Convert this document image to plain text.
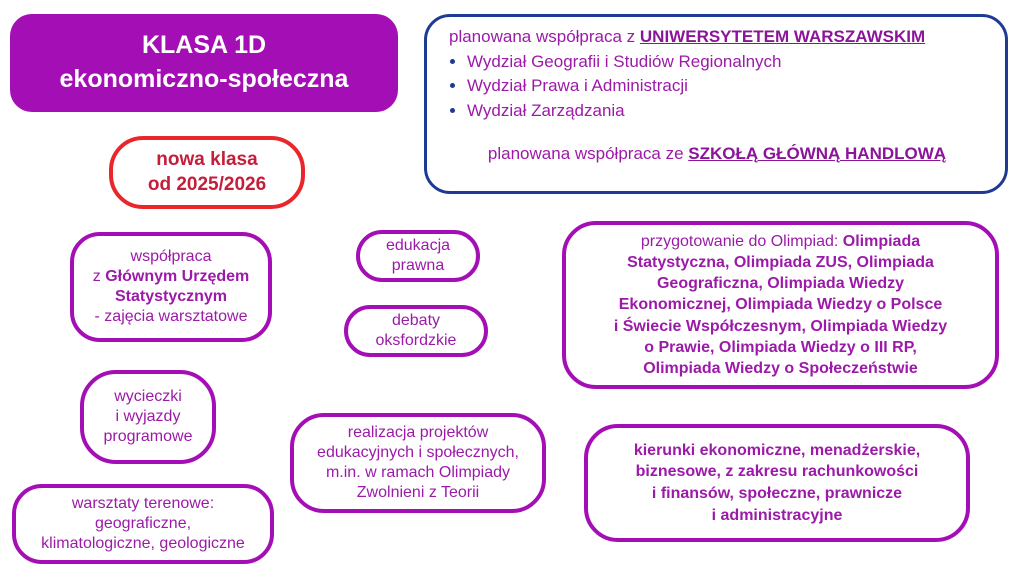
KLASA 1D
ekonomiczno-społeczna
planowana współpraca z UNIWERSYTETEM WARSZAWSKIM
• Wydział Geografii i Studiów Regionalnych
• Wydział Prawa i Administracji
• Wydział Zarządzania
planowana współpraca ze SZKOŁĄ GŁÓWNĄ HANDLOWĄ
nowa klasa
od 2025/2026
współpraca
z Głównym Urzędem
Statystycznym
- zajęcia warsztatowe
edukacja
prawna
debaty
oksfordzkie
przygotowanie do Olimpiad: Olimpiada
Statystyczna, Olimpiada ZUS, Olimpiada
Geograficzna, Olimpiada Wiedzy
Ekonomicznej, Olimpiada Wiedzy o Polsce
i Świecie Współczesnym, Olimpiada Wiedzy
o Prawie, Olimpiada Wiedzy o III RP,
Olimpiada Wiedzy o Społeczeństwie
wycieczki
i wyjazdy
programowe	realizacja projektów
edukacyjnych i społecznych,
m.in. w ramach Olimpiady
Zwolnieni z Teorii
kierunki ekonomiczne, menadżerskie,
biznesowe, z zakresu rachunkowości
i finansów, społeczne, prawnicze
i administracyjne
warsztaty terenowe:
geograficzne,
klimatologiczne, geologiczne
